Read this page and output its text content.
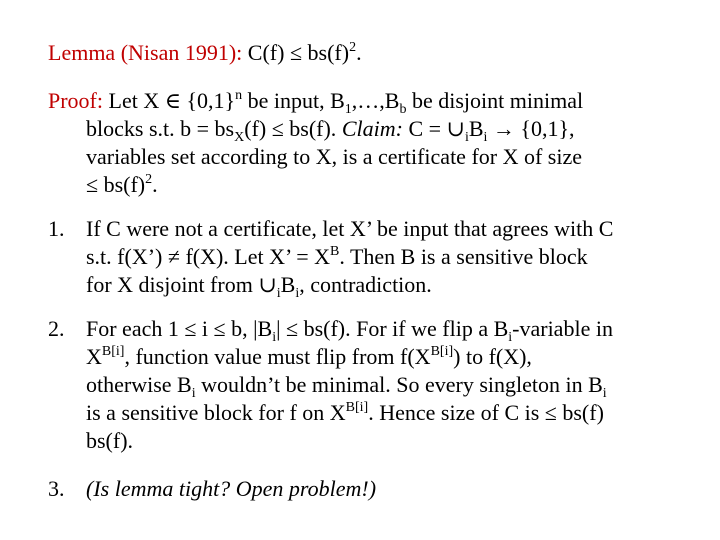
Lemma (Nisan 1991): $C(f) \le bs(f)^2$.
Proof: Let X ∈ $\{0,1\}^n$ be input, $B_1,\dots,B_b$ be disjoint minimal
blocks s.t. $b = bs_X(f) \le bs(f)$. Claim: $C = \cup_iB_i \to \{0,1\}$,
variables set according to X, is a certificate for X of size
≤ $bs(f)^2$.
1. If C were not a certificate, let X’ be input that agrees with C
s.t. f(X’) ≠ f(X). Let X’ = $X^B$. Then B is a sensitive block
for X disjoint from $\cup_iB_i$, contradiction.
2. For each 1 ≤ i ≤ b, $|B_i| \le bs(f)$. For if we flip a $B_i$-variable in
$X^{B[i]}$, function value must flip from $f(X^{B[i]})$ to f(X),
otherwise $B_i$ wouldn’t be minimal. So every singleton in $B_i$
is a sensitive block for f on $X^{B[i]}$. Hence size of C is ≤ bs(f)
bs(f).
3. (Is lemma tight? Open problem!)
